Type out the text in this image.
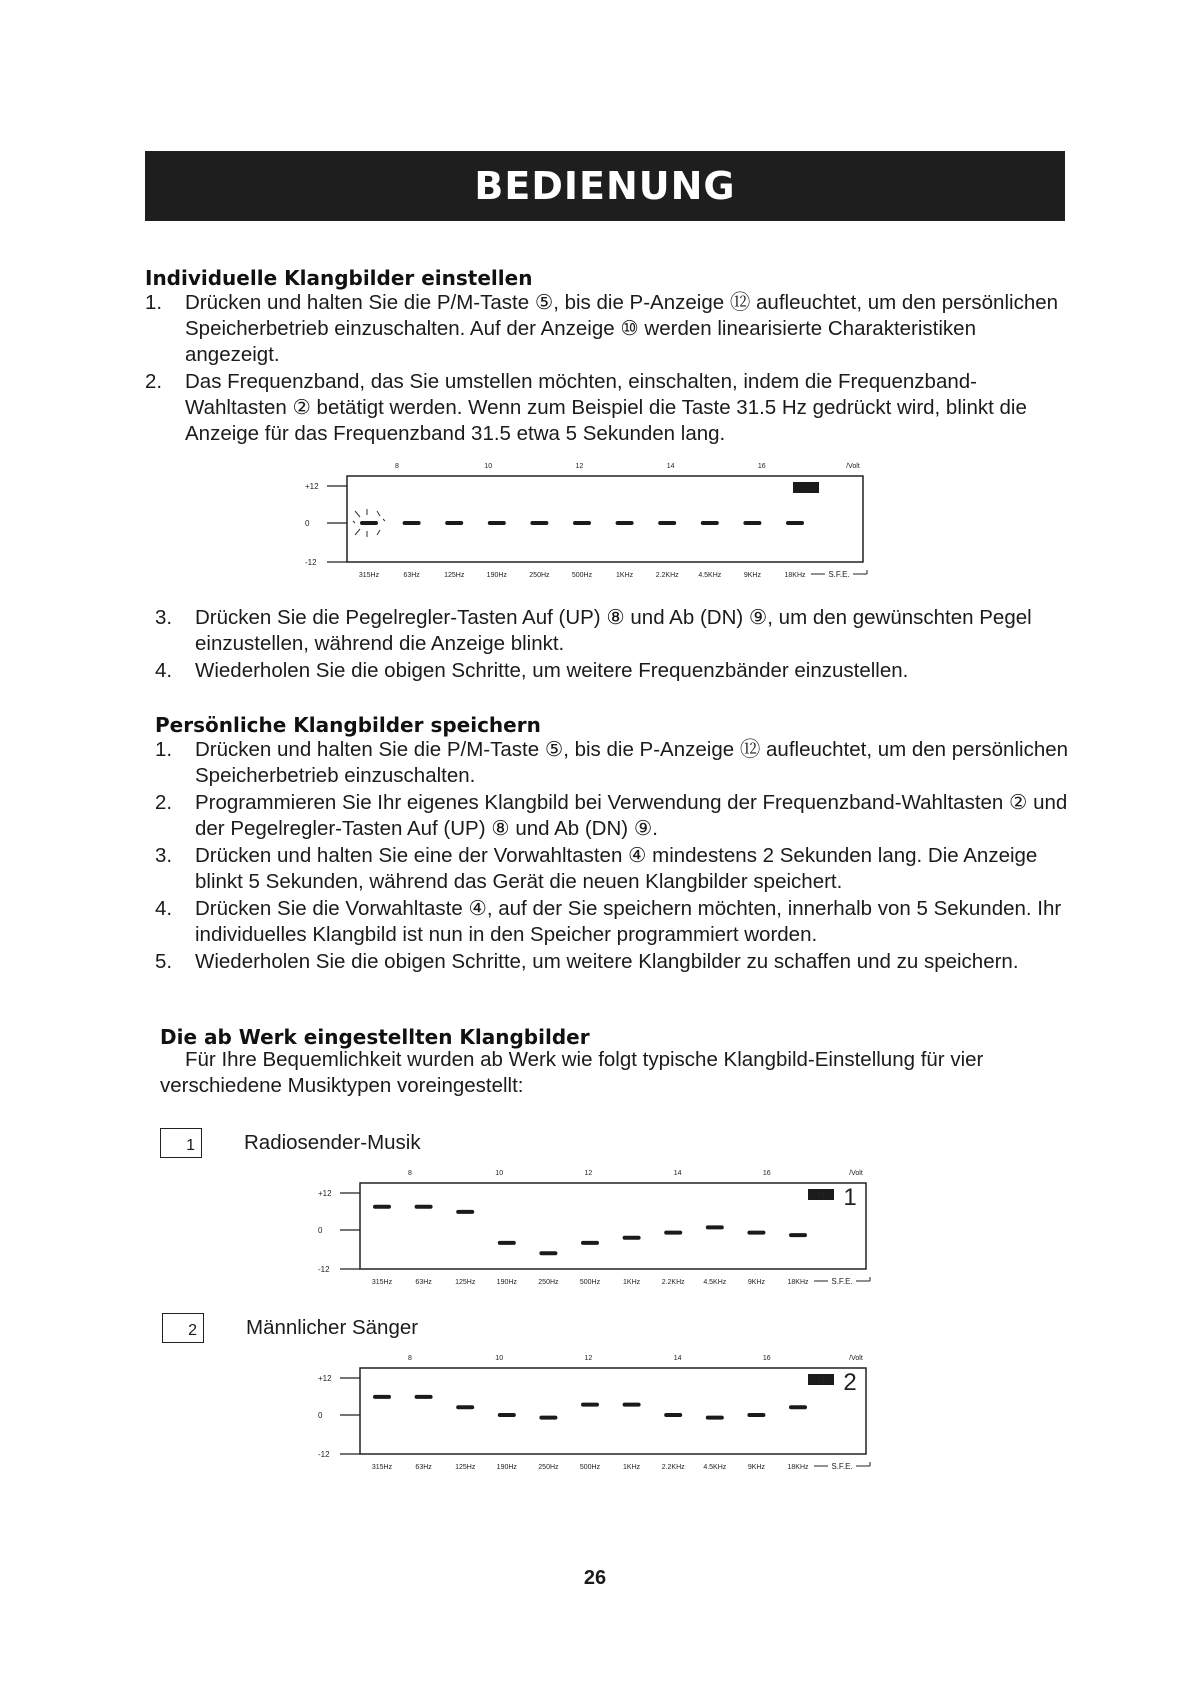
BEDIENUNG
Individuelle Klangbilder einstellen
1. Drücken und halten Sie die P/M-Taste ⑤, bis die P-Anzeige ⑫ aufleuchtet, um den persönlichen Speicherbetrieb einzuschalten. Auf der Anzeige ⑩ werden linearisierte Charakteristiken angezeigt.
2. Das Frequenzband, das Sie umstellen möchten, einschalten, indem die Frequenzband-Wahltasten ② betätigt werden. Wenn zum Beispiel die Taste 31.5 Hz gedrückt wird, blinkt die Anzeige für das Frequenzband 31.5 etwa 5 Sekunden lang.
8	10	12	14	16	/Volt
+12
0
-12
315Hz	63Hz	125Hz	190Hz	250Hz	500Hz	1KHz	2.2KHz	4.5KHz	9KHz	18KHz	S.F.E.
P
3. Drücken Sie die Pegelregler-Tasten Auf (UP) ⑧ und Ab (DN) ⑨, um den gewünschten Pegel einzustellen, während die Anzeige blinkt.
4. Wiederholen Sie die obigen Schritte, um weitere Frequenzbänder einzustellen.
Persönliche Klangbilder speichern
1. Drücken und halten Sie die P/M-Taste ⑤, bis die P-Anzeige ⑫ aufleuchtet, um den persönlichen Speicherbetrieb einzuschalten.
2. Programmieren Sie Ihr eigenes Klangbild bei Verwendung der Frequenzband-Wahltasten ② und der Pegelregler-Tasten Auf (UP) ⑧ und Ab (DN) ⑨.
3. Drücken und halten Sie eine der Vorwahltasten ④ mindestens 2 Sekunden lang. Die Anzeige blinkt 5 Sekunden, während das Gerät die neuen Klangbilder speichert.
4. Drücken Sie die Vorwahltaste ④, auf der Sie speichern möchten, innerhalb von 5 Sekunden. Ihr individuelles Klangbild ist nun in den Speicher programmiert worden.
5. Wiederholen Sie die obigen Schritte, um weitere Klangbilder zu schaffen und zu speichern.
Die ab Werk eingestellten Klangbilder

Für Ihre Bequemlichkeit wurden ab Werk wie folgt typische Klangbild-Einstellung für vier verschiedene Musiktypen voreingestellt:

1	Radiosender-Musik
8	10	12	14	16	/Volt
+12
0
-12
315Hz	63Hz	125Hz	190Hz	250Hz	500Hz	1KHz	2.2KHz	4.5KHz	9KHz	18KHz	S.F.E.
M 1
2	Männlicher Sänger
8	10	12	14	16	/Volt
+12
0
-12
315Hz	63Hz	125Hz	190Hz	250Hz	500Hz	1KHz	2.2KHz	4.5KHz	9KHz	18KHz	S.F.E.
M 2
26
